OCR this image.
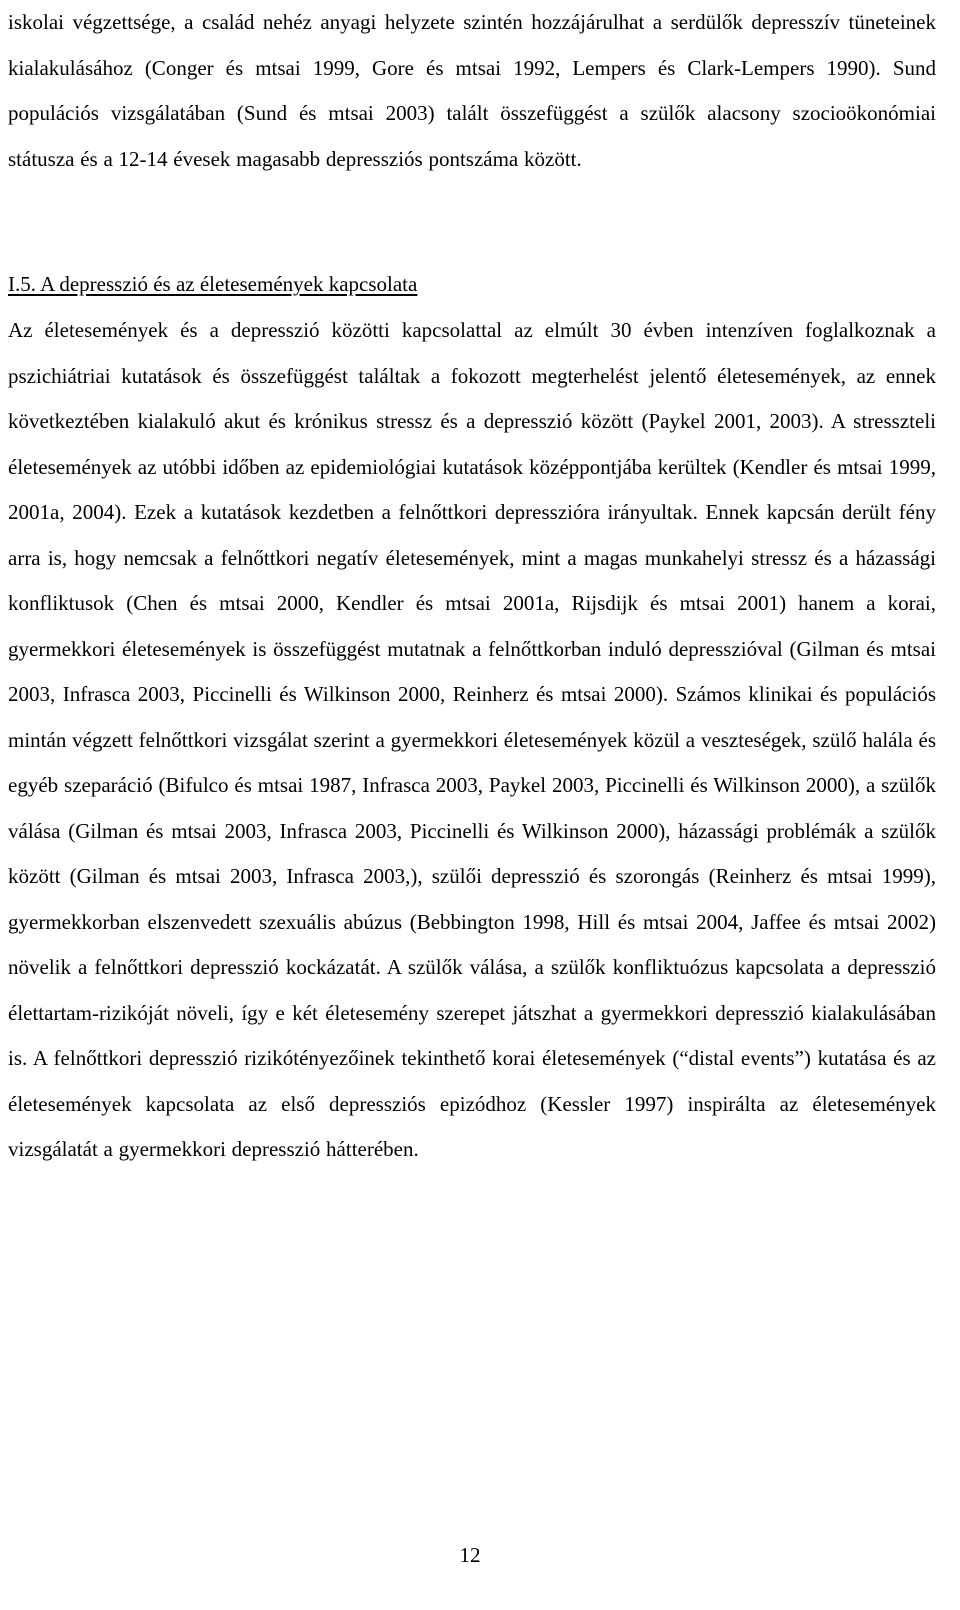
iskolai végzettsége, a család nehéz anyagi helyzete szintén hozzájárulhat a serdülők depresszív tüneteinek kialakulásához (Conger és mtsai 1999, Gore és mtsai 1992, Lempers és Clark-Lempers 1990). Sund populációs vizsgálatában (Sund és mtsai 2003) talált összefüggést a szülők alacsony szocioökonómiai státusza és a 12-14 évesek magasabb depressziós pontszáma között.

I.5. A depresszió és az életesemények kapcsolata

Az életesemények és a depresszió közötti kapcsolattal az elmúlt 30 évben intenzíven foglalkoznak a pszichiátriai kutatások és összefüggést találtak a fokozott megterhelést jelentő életesemények, az ennek következtében kialakuló akut és krónikus stressz és a depresszió között (Paykel 2001, 2003). A stresszteli életesemények az utóbbi időben az epidemiológiai kutatások középpontjába kerültek (Kendler és mtsai 1999, 2001a, 2004). Ezek a kutatások kezdetben a felnőttkori depresszióra irányultak. Ennek kapcsán derült fény arra is, hogy nemcsak a felnőttkori negatív életesemények, mint a magas munkahelyi stressz és a házassági konfliktusok (Chen és mtsai 2000, Kendler és mtsai 2001a, Rijsdijk és mtsai 2001) hanem a korai, gyermekkori életesemények is összefüggést mutatnak a felnőttkorban induló depresszióval (Gilman és mtsai 2003, Infrasca 2003, Piccinelli és Wilkinson 2000, Reinherz és mtsai 2000). Számos klinikai és populációs mintán végzett felnőttkori vizsgálat szerint a gyermekkori életesemények közül a veszteségek, szülő halála és egyéb szeparáció (Bifulco és mtsai 1987, Infrasca 2003, Paykel 2003, Piccinelli és Wilkinson 2000), a szülők válása (Gilman és mtsai 2003, Infrasca 2003, Piccinelli és Wilkinson 2000), házassági problémák a szülők között (Gilman és mtsai 2003, Infrasca 2003,), szülői depresszió és szorongás (Reinherz és mtsai 1999), gyermekkorban elszenvedett szexuális abúzus (Bebbington 1998, Hill és mtsai 2004, Jaffee és mtsai 2002) növelik a felnőttkori depresszió kockázatát. A szülők válása, a szülők konfliktuózus kapcsolata a depresszió élettartam-rizikóját növeli, így e két életesemény szerepet játszhat a gyermekkori depresszió kialakulásában is. A felnőttkori depresszió rizikótényezőinek tekinthető korai életesemények (“distal events”) kutatása és az életesemények kapcsolata az első depressziós epizódhoz (Kessler 1997) inspirálta az életesemények vizsgálatát a gyermekkori depresszió hátterében.

12
